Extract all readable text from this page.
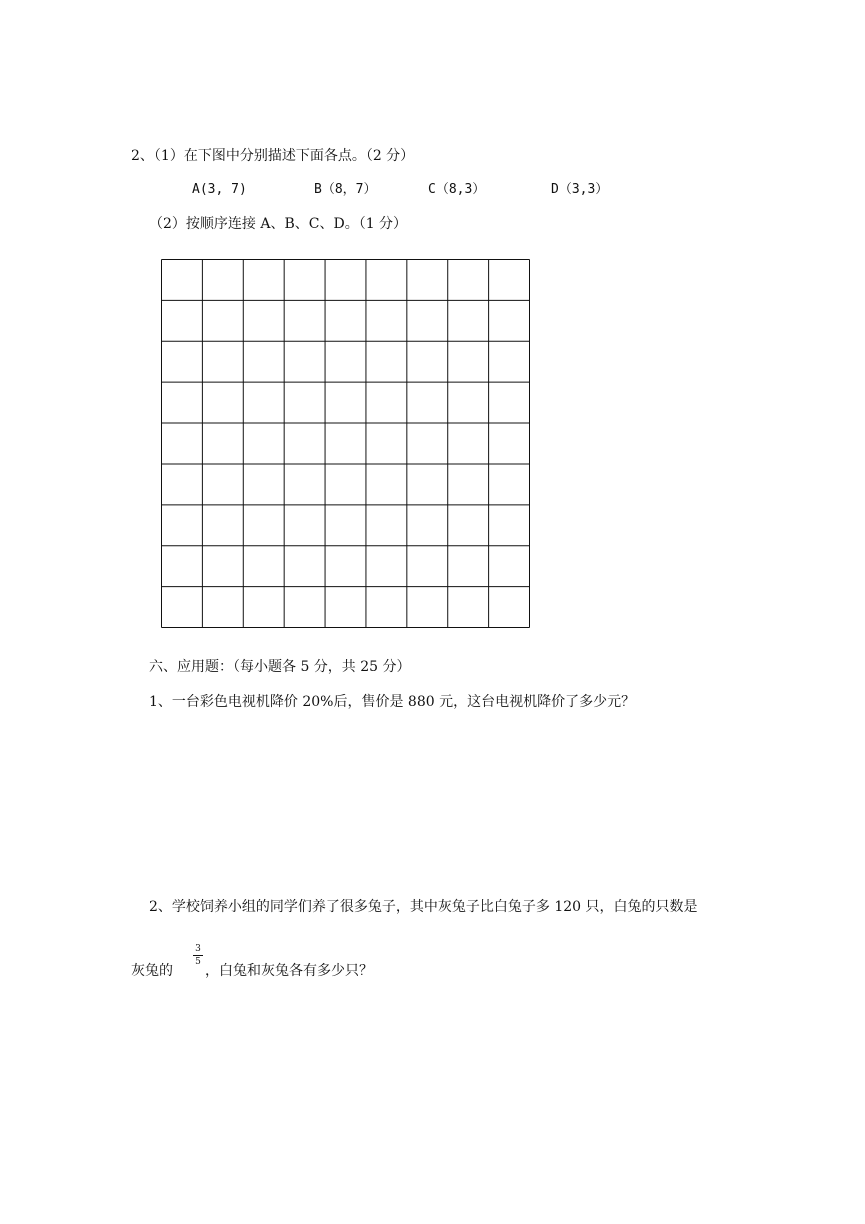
2、（1）在下图中分别描述下面各点。（2 分）
A(3, 7)	B（8，7）	C（8,3）	D（3,3）
（2）按顺序连接 A、B、C、D。（1 分）
六、应用题：（每小题各 5 分，共 25 分）
1、一台彩色电视机降价 20%后，售价是 880 元，这台电视机降价了多少元？
2、学校饲养小组的同学们养了很多兔子，其中灰兔子比白兔子多 120 只，白兔的只数是
灰兔的
$\frac{3}{5}$
，白兔和灰兔各有多少只？
